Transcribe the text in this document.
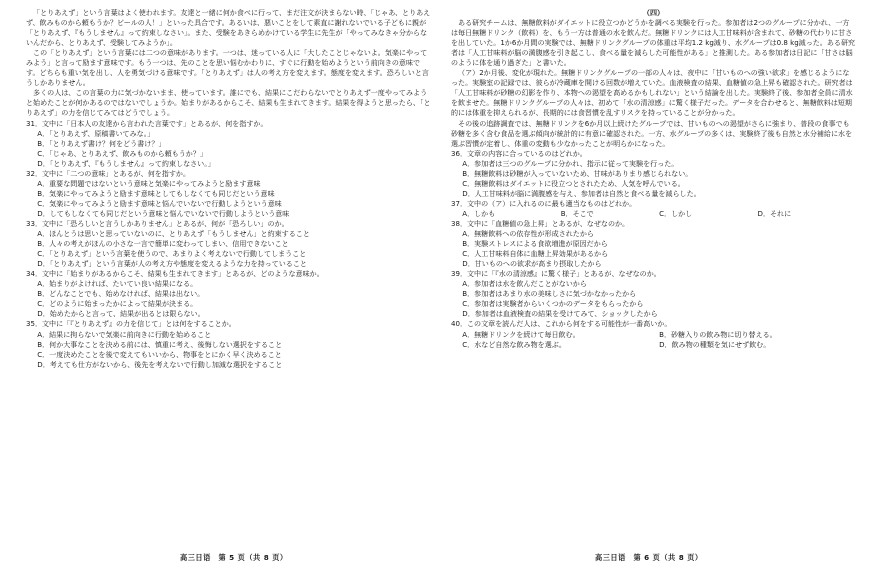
「とりあえず」という言葉はよく使われます。友達と一緒に何か食べに行って、まだ注文が決まらない時、「じゃあ、とりあえず、飲みものから頼もうか？ビールの人！」といった具合です。あるいは、悪いことをして素直に謝れないでいる子どもに親が「とりあえず、『もうしません』って約束しなさい」。また、受験をあきらめかけている学生に先生が「やってみなきゃ分からないんだから、とりあえず、受験してみようか」。

この「とりあえず」という言葉には二つの意味があります。一つは、迷っている人に「大したことじゃないよ。気楽にやってみよう」と言って励ます意味です。もう一つは、先のことを思い悩むかわりに、すぐに行動を始めようという前向きの意味です。どちらも重い気を出し、人を勇気づける意味です。「とりあえず」は人の考え方を変えます。態度を変えます。恐ろしいと言うしかありません。

多くの人は、この言葉の力に気づかないまま、使っています。誰にでも、結果にこだわらないでとりあえず一度やってみようと始めたことが何かあるのではないでしょうか。始まりがあるからこそ、結果も生まれてきます。結果を得ようと思ったら、「とりあえず」の力を信じてみてはどうでしょう。

31．文中に「日本人の友達から言われた言葉です」とあるが、何を指すか。

A．「とりあえず、原稿書いてみな。」

B．「とりあえず書け？何をどう書け？」

C．「じゃあ、とりあえず、飲みものから頼もうか？」

D．「とりあえず、『もうしません』って約束しなさい。」

32．文中に「二つの意味」とあるが、何を指すか。

A．重要な問題ではないという意味と気楽にやってみようと励ます意味

B．気楽にやってみようと励ます意味としてもしなくても同じだという意味

C．気楽にやってみようと励ます意味と悩んでいないで行動しようという意味

D．してもしなくても同じだという意味と悩んでいないで行動しようという意味

33．文中に「恐ろしいと言うしかありません」とあるが、何が「恐ろしい」のか。

A．ほんとうは思いと思っていないのに、とりあえず「もうしません」と約束すること

B．人々の考えがほんの小さな一言で簡単に変わってしまい、信用できないこと

C．「とりあえず」という言葉を使うので、あまりよく考えないで行動してしまうこと

D．「とりあえず」という言葉が人の考え方や態度を変えるような力を持っていること

34．文中に「始まりがあるからこそ、結果も生まれてきます」とあるが、どのような意味か。

A．始まりがよければ、たいてい良い結果になる。

B．どんなことでも、始めなければ、結果は出ない。

C．どのように始まったかによって結果が決まる。

D．始めたからと言って、結果が出るとは限らない。

35．文中に「『とりあえず』の力を信じて」とは何をすることか。

A．結果に拘らないで気楽に前向きに行動を始めること

B．何か大事なことを決める前には、慎重に考え、後悔しない選択をすること

C．一度決めたことを後で変えてもいいから、物事をとにかく早く決めること

D．考えても仕方がないから、後先を考えないで行動し加減な選択をすること

高三日语　第 5 页（共 8 页）

（四）

ある研究チームは、無糖飲料がダイエットに役立つかどうかを調べる実験を行った。参加者は2つのグループに分かれ、一方は毎日無糖ドリンク（飲料）を、もう一方は普通の水を飲んだ。無糖ドリンクには人工甘味料が含まれて、砂糖の代わりに甘さを出していた。1か6か月間の実験では、無糖ドリンクグループの体重は平均1.2 kg減り、水グループは0.8 kg減った。ある研究者は「人工甘味料が脳の満腹感を引き起こし、食べる量を減らした可能性がある」と推測した。ある参加者は日記に「甘さは脳のように体を通り過ぎた」と書いた。

（ア）2か月後、変化が現れた。無糖ドリンクグループの一部の人々は、夜中に「甘いものへの強い欲求」を感じるようになった。実験室の記録では、彼らが冷蔵庫を開ける回数が増えていた。血液検査の結果、血糖値の急上昇も確認された。研究者は「人工甘味料が砂糖の幻影を作り、本物への渇望を高めるかもしれない」という結論を出した。実験終了後、参加者全員に清水を飲ませた。無糖ドリンクグループの人々は、初めて「水の清涼感」に驚く様子だった。データを合わせると、無糖飲料は短期的には体重を抑えられるが、長期的には食習慣を乱すリスクを持っていることが分かった。

その後の追跡調査では、無糖ドリンクを6か月以上続けたグループでは、甘いものへの渇望がさらに強まり、普段の食事でも砂糖を多く含む食品を選ぶ傾向が統計的に有意に確認された。一方、水グループの多くは、実験終了後も自然と水分補給に水を選ぶ習慣が定着し、体重の変動も少なかったことが明らかになった。

36．文章の内容に合っているのはどれか。

A．参加者は三つのグループに分かれ、指示に従って実験を行った。

B．無糖飲料は砂糖が入っていないため、甘味がありまり感じられない。

C．無糖飲料はダイエットに役立つとされたため、人気を呼んでいる。

D．人工甘味料が脳に満腹感を与え、参加者は自然と食べる量を減らした。

37．文中の（ア）に入れるのに最も適当なものはどれか。

A．しかも	B．そこで	C．しかし	D．それに

38．文中に「血糖値の急上昇」とあるが、なぜなのか。

A．無糖飲料への依存性が形成されたから

B．実験ストレスによる食欲増進が原因だから

C．人工甘味料自体に血糖上昇効果があるから

D．甘いものへの欲求が高まり摂取したから

39．文中に「『水の清涼感』に驚く様子」とあるが、なぜなのか。

A．参加者は水を飲んだことがないから

B．参加者はあまり水の美味しさに気づかなかったから

C．参加者は実験者からいくつかのデータをもらったから

D．参加者は血液検査の結果を受けてみて、ショックしたから

40．この文章を読んだ人は、これから何をする可能性が一番高いか。

A．無糖ドリンクを続けて毎日飲む。	B．砂糖入りの飲み物に切り替える。

C．水など自然な飲み物を選ぶ。	D．飲み物の種類を気にせず飲む。

高三日语　第 6 页（共 8 页）
